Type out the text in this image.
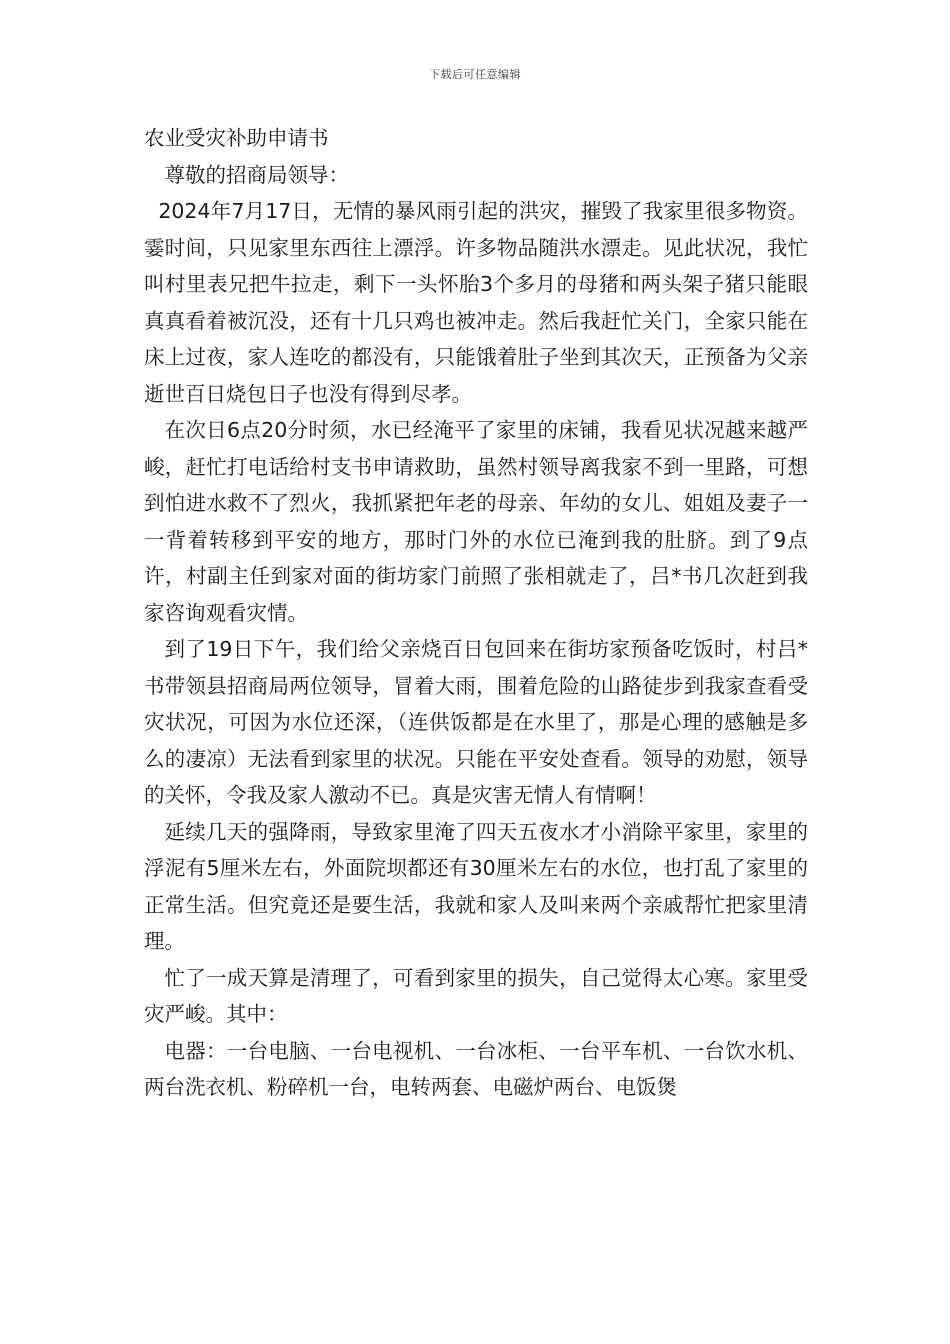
下载后可任意编辑
农业受灾补助申请书

尊敬的招商局领导：

2024年7月17日，无情的暴风雨引起的洪灾，摧毁了我家里很多物资。霎时间，只见家里东西往上漂浮。许多物品随洪水漂走。见此状况，我忙叫村里表兄把牛拉走，剩下一头怀胎3个多月的母猪和两头架子猪只能眼真真看着被沉没，还有十几只鸡也被冲走。然后我赶忙关门，全家只能在床上过夜，家人连吃的都没有，只能饿着肚子坐到其次天，正预备为父亲逝世百日烧包日子也没有得到尽孝。

在次日6点20分时须，水已经淹平了家里的床铺，我看见状况越来越严峻，赶忙打电话给村支书申请救助，虽然村领导离我家不到一里路，可想到怕进水救不了烈火，我抓紧把年老的母亲、年幼的女儿、姐姐及妻子一一背着转移到平安的地方，那时门外的水位已淹到我的肚脐。到了9点许，村副主任到家对面的街坊家门前照了张相就走了，吕*书几次赶到我家咨询观看灾情。

到了19日下午，我们给父亲烧百日包回来在街坊家预备吃饭时，村吕*书带领县招商局两位领导，冒着大雨，围着危险的山路徒步到我家查看受灾状况，可因为水位还深，（连供饭都是在水里了，那是心理的感触是多么的凄凉）无法看到家里的状况。只能在平安处查看。领导的劝慰，领导的关怀，令我及家人激动不已。真是灾害无情人有情啊！

延续几天的强降雨，导致家里淹了四天五夜水才小消除平家里，家里的浮泥有5厘米左右，外面院坝都还有30厘米左右的水位，也打乱了家里的正常生活。但究竟还是要生活，我就和家人及叫来两个亲戚帮忙把家里清理。

忙了一成天算是清理了，可看到家里的损失，自己觉得太心寒。家里受灾严峻。其中：

电器：一台电脑、一台电视机、一台冰柜、一台平车机、一台饮水机、两台洗衣机、粉碎机一台，电转两套、电磁炉两台、电饭煲
